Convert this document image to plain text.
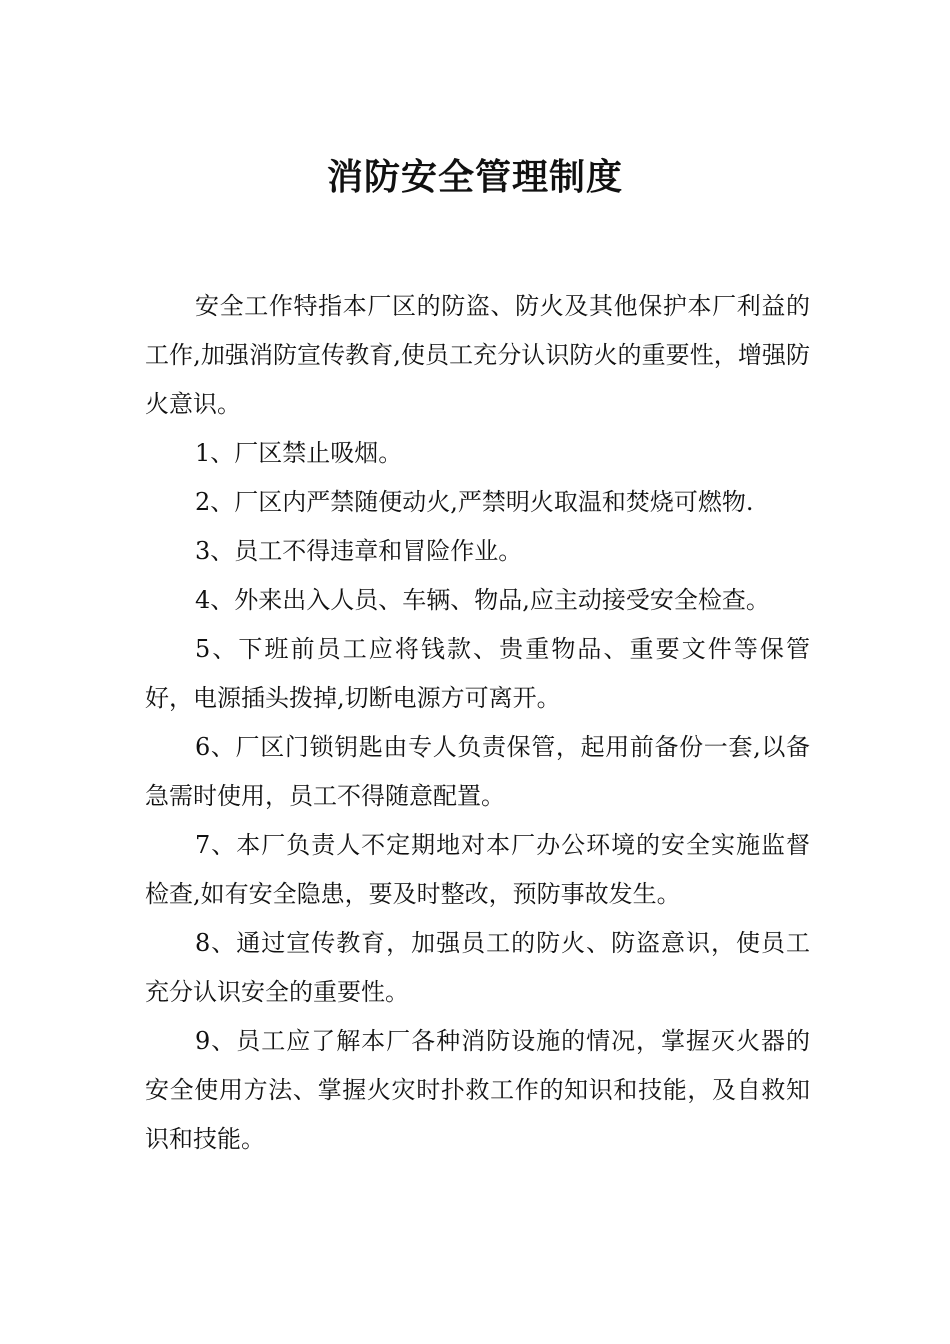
消防安全管理制度

安全工作特指本厂区的防盗、防火及其他保护本厂利益的工作,加强消防宣传教育,使员工充分认识防火的重要性，增强防火意识。

1、厂区禁止吸烟。

2、厂区内严禁随便动火,严禁明火取温和焚烧可燃物.

3、员工不得违章和冒险作业。

4、外来出入人员、车辆、物品,应主动接受安全检查。

5、下班前员工应将钱款、贵重物品、重要文件等保管好，电源插头拨掉,切断电源方可离开。

6、厂区门锁钥匙由专人负责保管，起用前备份一套,以备急需时使用，员工不得随意配置。

7、本厂负责人不定期地对本厂办公环境的安全实施监督检查,如有安全隐患，要及时整改，预防事故发生。

8、通过宣传教育，加强员工的防火、防盗意识，使员工充分认识安全的重要性。

9、员工应了解本厂各种消防设施的情况，掌握灭火器的安全使用方法、掌握火灾时扑救工作的知识和技能，及自救知识和技能。
